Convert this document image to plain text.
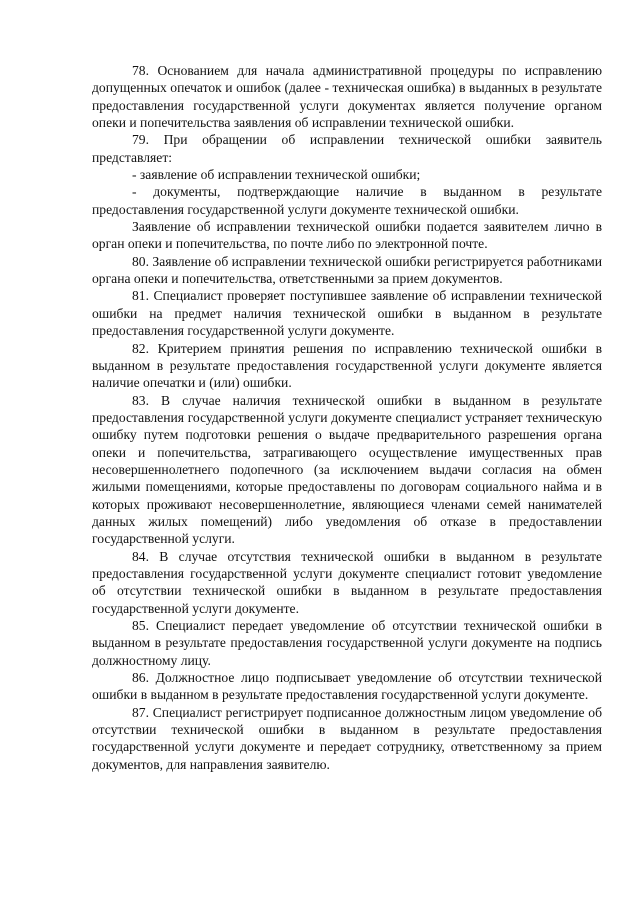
78. Основанием для начала административной процедуры по исправлению допущенных опечаток и ошибок (далее - техническая ошибка) в выданных в результате предоставления государственной услуги документах является получение органом опеки и попечительства заявления об исправлении технической ошибки.

79. При обращении об исправлении технической ошибки заявитель представляет:

- заявление об исправлении технической ошибки;

- документы, подтверждающие наличие в выданном в результате предоставления государственной услуги документе технической ошибки.

Заявление об исправлении технической ошибки подается заявителем лично в орган опеки и попечительства, по почте либо по электронной почте.

80. Заявление об исправлении технической ошибки регистрируется работниками органа опеки и попечительства, ответственными за прием документов.

81. Специалист проверяет поступившее заявление об исправлении технической ошибки на предмет наличия технической ошибки в выданном в результате предоставления государственной услуги документе.

82. Критерием принятия решения по исправлению технической ошибки в выданном в результате предоставления государственной услуги документе является наличие опечатки и (или) ошибки.

83. В случае наличия технической ошибки в выданном в результате предоставления государственной услуги документе специалист устраняет техническую ошибку путем подготовки решения о выдаче предварительного разрешения органа опеки и попечительства, затрагивающего осуществление имущественных прав несовершеннолетнего подопечного (за исключением выдачи согласия на обмен жилыми помещениями, которые предоставлены по договорам социального найма и в которых проживают несовершеннолетние, являющиеся членами семей нанимателей данных жилых помещений) либо уведомления об отказе в предоставлении государственной услуги.

84. В случае отсутствия технической ошибки в выданном в результате предоставления государственной услуги документе специалист готовит уведомление об отсутствии технической ошибки в выданном в результате предоставления государственной услуги документе.

85. Специалист передает уведомление об отсутствии технической ошибки в выданном в результате предоставления государственной услуги документе на подпись должностному лицу.

86. Должностное лицо подписывает уведомление об отсутствии технической ошибки в выданном в результате предоставления государственной услуги документе.

87. Специалист регистрирует подписанное должностным лицом уведомление об отсутствии технической ошибки в выданном в результате предоставления государственной услуги документе и передает сотруднику, ответственному за прием документов, для направления заявителю.
